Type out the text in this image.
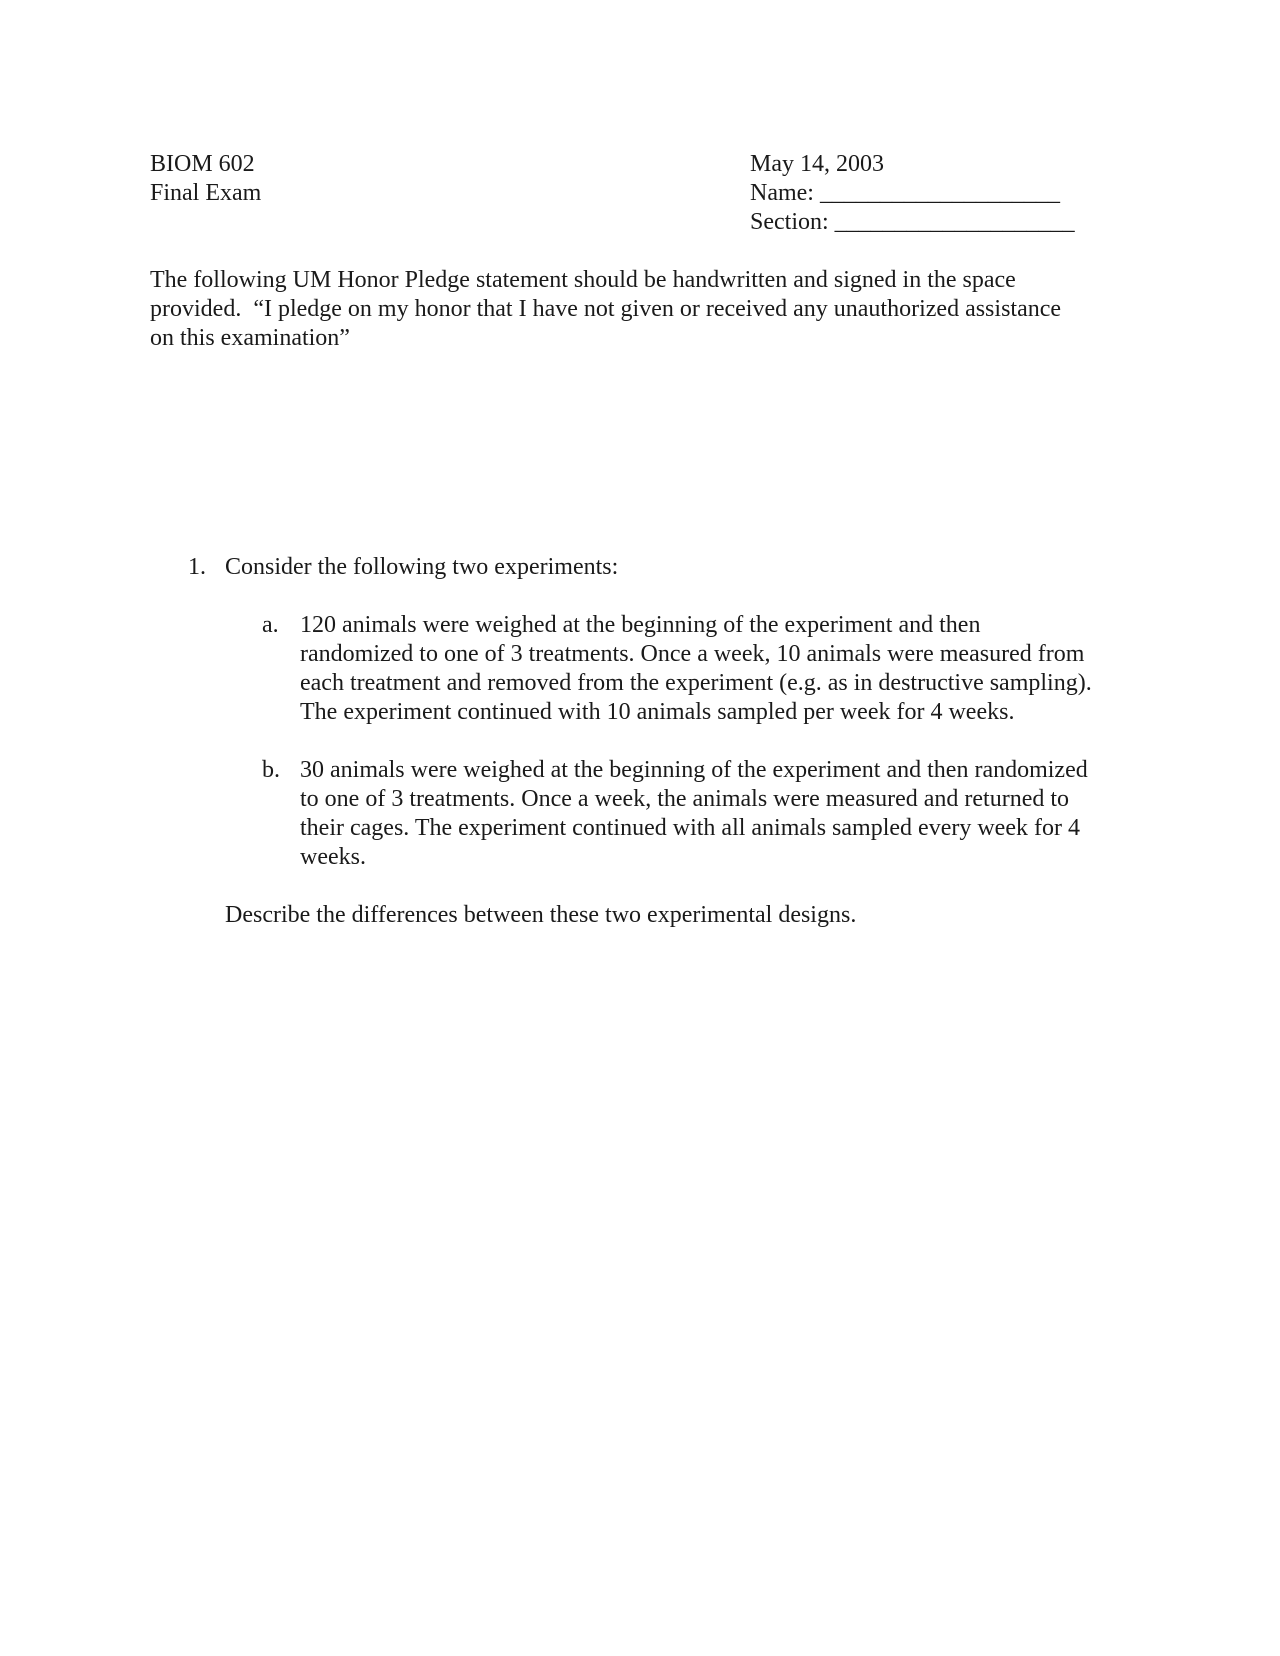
BIOM 602
Final Exam
May 14, 2003
Name: ____________________
Section: ____________________
The following UM Honor Pledge statement should be handwritten and signed in the space
provided.  “I pledge on my honor that I have not given or received any unauthorized assistance
on this examination”
1. Consider the following two experiments:
a. 120 animals were weighed at the beginning of the experiment and then
randomized to one of 3 treatments. Once a week, 10 animals were measured from
each treatment and removed from the experiment (e.g. as in destructive sampling).
The experiment continued with 10 animals sampled per week for 4 weeks.
b. 30 animals were weighed at the beginning of the experiment and then randomized
to one of 3 treatments. Once a week, the animals were measured and returned to
their cages. The experiment continued with all animals sampled every week for 4
weeks.
Describe the differences between these two experimental designs.
